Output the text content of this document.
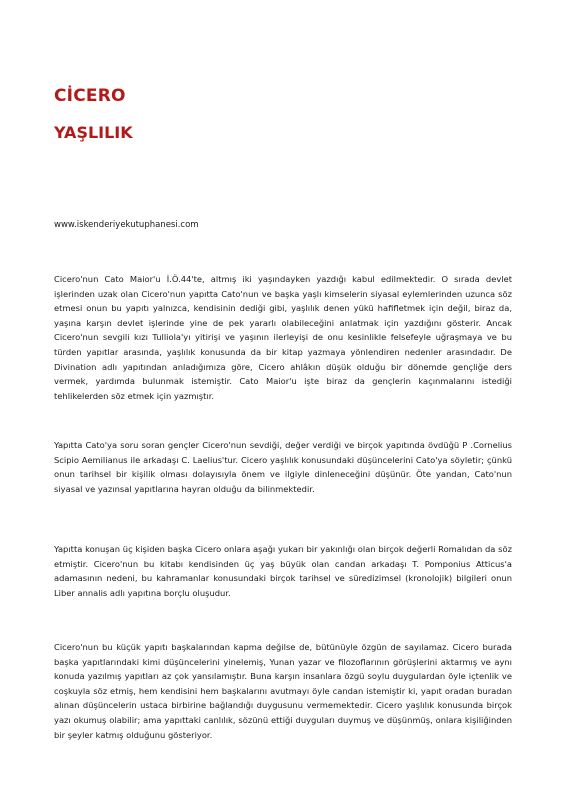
CİCERO
YAŞLILIK
www.iskenderiyekutuphanesi.com

Cicero'nun Cato Maior'u İ.Ö.44'te, altmış iki yaşındayken yazdığı kabul edilmektedir. O sırada devlet işlerinden uzak olan Cicero'nun yapıtta Cato'nun ve başka yaşlı kimselerin siyasal eylemlerinden uzunca söz etmesi onun bu yapıtı yalnızca, kendisinin dediği gibi, yaşlılık denen yükü hafifletmek için değil, biraz da, yaşına karşın devlet işlerinde yine de pek yararlı olabileceğini anlatmak için yazdığını gösterir. Ancak Cicero'nun sevgili kızı Tulliola'yı yitirişi ve yaşının ilerleyişi de onu kesinlikle felsefeyle uğraşmaya ve bu türden yapıtlar arasında, yaşlılık konusunda da bir kitap yazmaya yönlendiren nedenler arasındadır. De Divination adlı yapıtından anladığımıza göre, Cicero ahlâkın düşük olduğu bir dönemde gençliğe ders vermek, yardımda bulunmak istemiştir. Cato Maior'u işte biraz da gençlerin kaçınmalarını istediği tehlikelerden söz etmek için yazmıştır.

Yapıtta Cato'ya soru soran gençler Cicero'nun sevdiği, değer verdiği ve birçok yapıtında övdüğü P .Cornelius Scipio Aemilianus ile arkadaşı C. Laelius'tur. Cicero yaşlılık konusundaki düşüncelerini Cato'ya söyletir; çünkü onun tarihsel bir kişilik olması dolayısıyla önem ve ilgiyle dinleneceğini düşünür. Öte yandan, Cato'nun siyasal ve yazınsal yapıtlarına hayran olduğu da bilinmektedir.

Yapıtta konuşan üç kişiden başka Cicero onlara aşağı yukarı bir yakınlığı olan birçok değerli Romalıdan da söz etmiştir. Cicero'nun bu kitabı kendisinden üç yaş büyük olan candan arkadaşı T. Pomponius Atticus'a adamasının nedeni, bu kahramanlar konusundaki birçok tarihsel ve süredizimsel (kronolojik) bilgileri onun Liber annalis adlı yapıtına borçlu oluşudur.

Cicero'nun bu küçük yapıtı başkalarından kapma değilse de, bütünüyle özgün de sayılamaz. Cicero burada başka yapıtlarındaki kimi düşüncelerini yinelemiş, Yunan yazar ve filozoflarının görüşlerini aktarmış ve aynı konuda yazılmış yapıtları az çok yansılamıştır. Buna karşın insanlara özgü soylu duygulardan öyle içtenlik ve coşkuyla söz etmiş, hem kendisini hem başkalarını avutmayı öyle candan istemiştir ki, yapıt oradan buradan alınan düşüncelerin ustaca birbirine bağlandığı duygusunu vermemektedir. Cicero yaşlılık konusunda birçok yazı okumuş olabilir; ama yapıttaki canlılık, sözünü ettiği duyguları duymuş ve düşünmüş, onlara kişiliğinden bir şeyler katmış olduğunu gösteriyor.
